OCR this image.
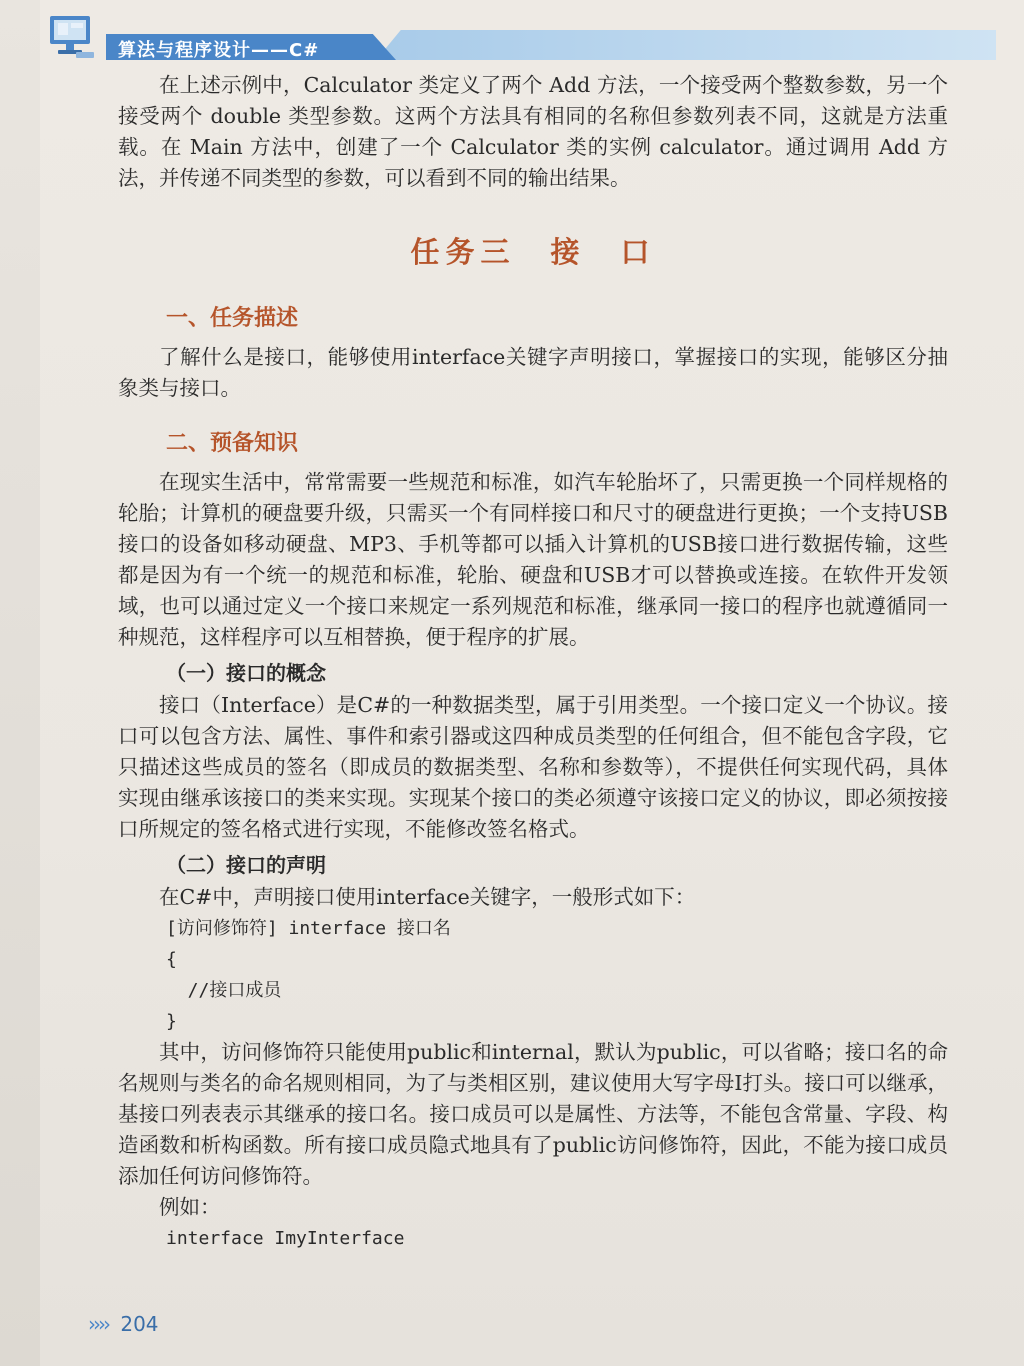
算法与程序设计——C#

在上述示例中，Calculator 类定义了两个 Add 方法，一个接受两个整数参数，另一个接受两个 double 类型参数。这两个方法具有相同的名称但参数列表不同，这就是方法重载。在 Main 方法中，创建了一个 Calculator 类的实例 calculator。通过调用 Add 方法，并传递不同类型的参数，可以看到不同的输出结果。

任务三　接　口
一、任务描述

了解什么是接口，能够使用interface关键字声明接口，掌握接口的实现，能够区分抽象类与接口。

二、预备知识

在现实生活中，常常需要一些规范和标准，如汽车轮胎坏了，只需更换一个同样规格的轮胎；计算机的硬盘要升级，只需买一个有同样接口和尺寸的硬盘进行更换；一个支持USB接口的设备如移动硬盘、MP3、手机等都可以插入计算机的USB接口进行数据传输，这些都是因为有一个统一的规范和标准，轮胎、硬盘和USB才可以替换或连接。在软件开发领域，也可以通过定义一个接口来规定一系列规范和标准，继承同一接口的程序也就遵循同一种规范，这样程序可以互相替换，便于程序的扩展。

（一）接口的概念

接口（Interface）是C#的一种数据类型，属于引用类型。一个接口定义一个协议。接口可以包含方法、属性、事件和索引器或这四种成员类型的任何组合，但不能包含字段，它只描述这些成员的签名（即成员的数据类型、名称和参数等），不提供任何实现代码，具体实现由继承该接口的类来实现。实现某个接口的类必须遵守该接口定义的协议，即必须按接口所规定的签名格式进行实现，不能修改签名格式。

（二）接口的声明

在C#中，声明接口使用interface关键字，一般形式如下：

[访问修饰符] interface 接口名
{
//接口成员
}

其中，访问修饰符只能使用public和internal，默认为public，可以省略；接口名的命名规则与类名的命名规则相同，为了与类相区别，建议使用大写字母I打头。接口可以继承，基接口列表表示其继承的接口名。接口成员可以是属性、方法等，不能包含常量、字段、构造函数和析构函数。所有接口成员隐式地具有了public访问修饰符，因此，不能为接口成员添加任何访问修饰符。

例如：

interface ImyInterface
›››› 204
